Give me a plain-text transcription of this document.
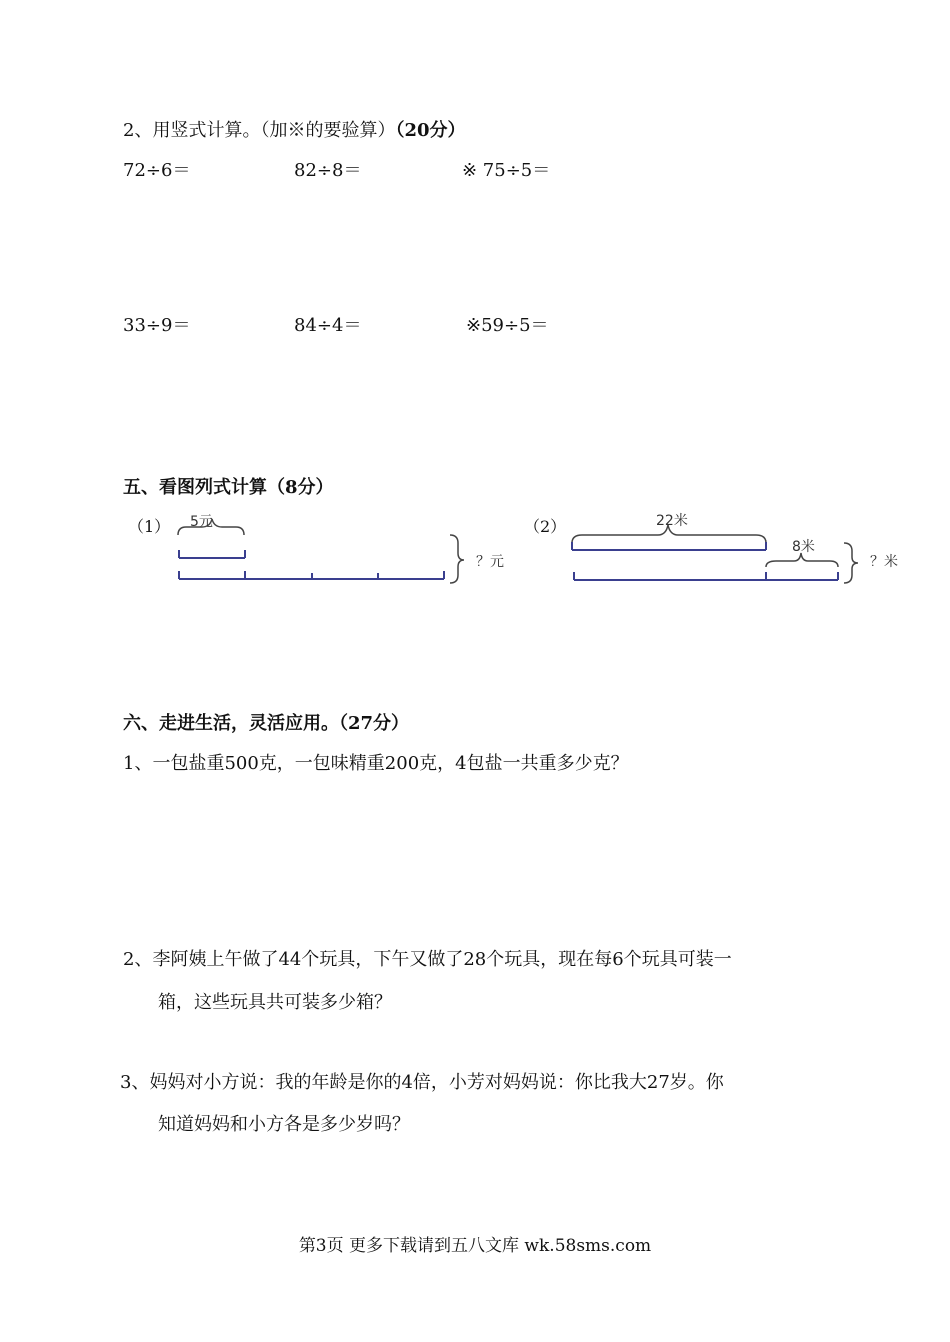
2、用竖式计算。（加※的要验算）（20分）
72÷6＝	82÷8＝	※ 75÷5＝
33÷9＝	84÷4＝	※59÷5＝
五、看图列式计算（8分）
（1） 5元
？元
（2）	22米
8米
？米
六、走进生活，灵活应用。（27分）
1、一包盐重500克，一包味精重200克，4包盐一共重多少克？
2、李阿姨上午做了44个玩具，下午又做了28个玩具，现在每6个玩具可装一
箱，这些玩具共可装多少箱？
3、妈妈对小方说：我的年龄是你的4倍，小芳对妈妈说：你比我大27岁。你
知道妈妈和小方各是多少岁吗？
第3页 更多下载请到五八文库 wk.58sms.com
